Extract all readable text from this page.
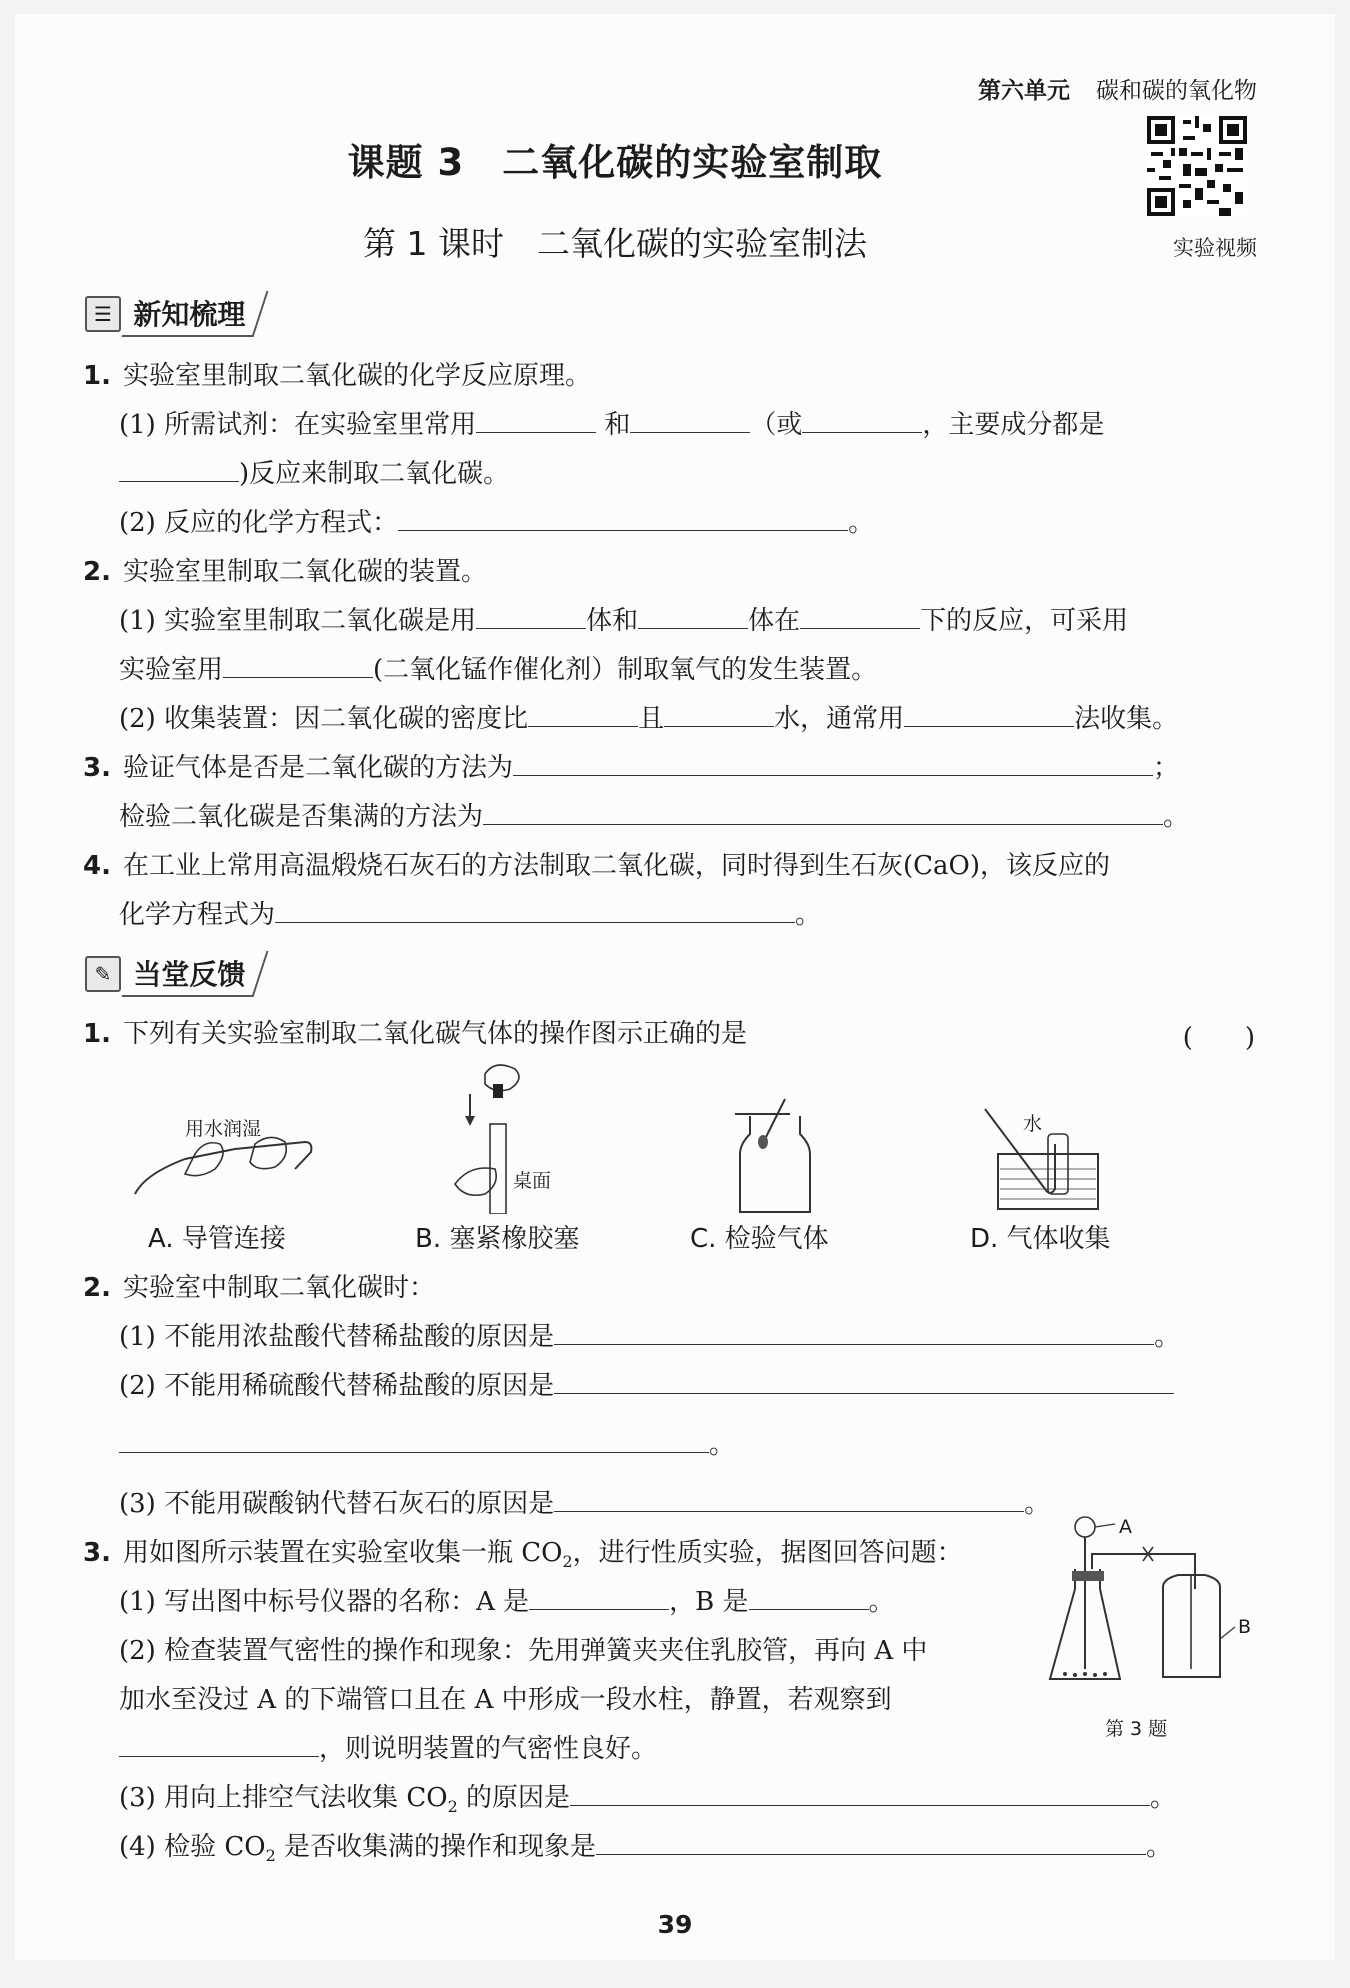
第六单元 碳和碳的氧化物
课题 3　二氧化碳的实验室制取
第 1 课时　二氧化碳的实验室制法	实验视频
☰ 新知梳理
1. 实验室里制取二氧化碳的化学反应原理。
(1) 所需试剂：在实验室里常用	和	（或	，主要成分都是
)反应来制取二氧化碳。
(2) 反应的化学方程式：	。
2. 实验室里制取二氧化碳的装置。
(1) 实验室里制取二氧化碳是用	体和	体在	下的反应，可采用
实验室用	(二氧化锰作催化剂）制取氧气的发生装置。
(2) 收集装置：因二氧化碳的密度比	且	水，通常用	法收集。
3. 验证气体是否是二氧化碳的方法为	；
检验二氧化碳是否集满的方法为	。
4. 在工业上常用高温煅烧石灰石的方法制取二氧化碳，同时得到生石灰(CaO)，该反应的
化学方程式为	。
✎ 当堂反馈
1. 下列有关实验室制取二氧化碳气体的操作图示正确的是	(　　)
用水润湿
桌面
水
A. 导管连接	B. 塞紧橡胶塞	C. 检验气体	D. 气体收集
2. 实验室中制取二氧化碳时：
(1) 不能用浓盐酸代替稀盐酸的原因是	。
(2) 不能用稀硫酸代替稀盐酸的原因是
。
(3) 不能用碳酸钠代替石灰石的原因是	。
3. 用如图所示装置在实验室收集一瓶 $CO_2$，进行性质实验，据图回答问题：
(1) 写出图中标号仪器的名称：A 是	，B 是	。
(2) 检查装置气密性的操作和现象：先用弹簧夹夹住乳胶管，再向 A 中
加水至没过 A 的下端管口且在 A 中形成一段水柱，静置，若观察到
，则说明装置的气密性良好。
(3) 用向上排空气法收集 $CO_2$ 的原因是	。
(4) 检验 $CO_2$ 是否收集满的操作和现象是	。
A
B
第 3 题
39
